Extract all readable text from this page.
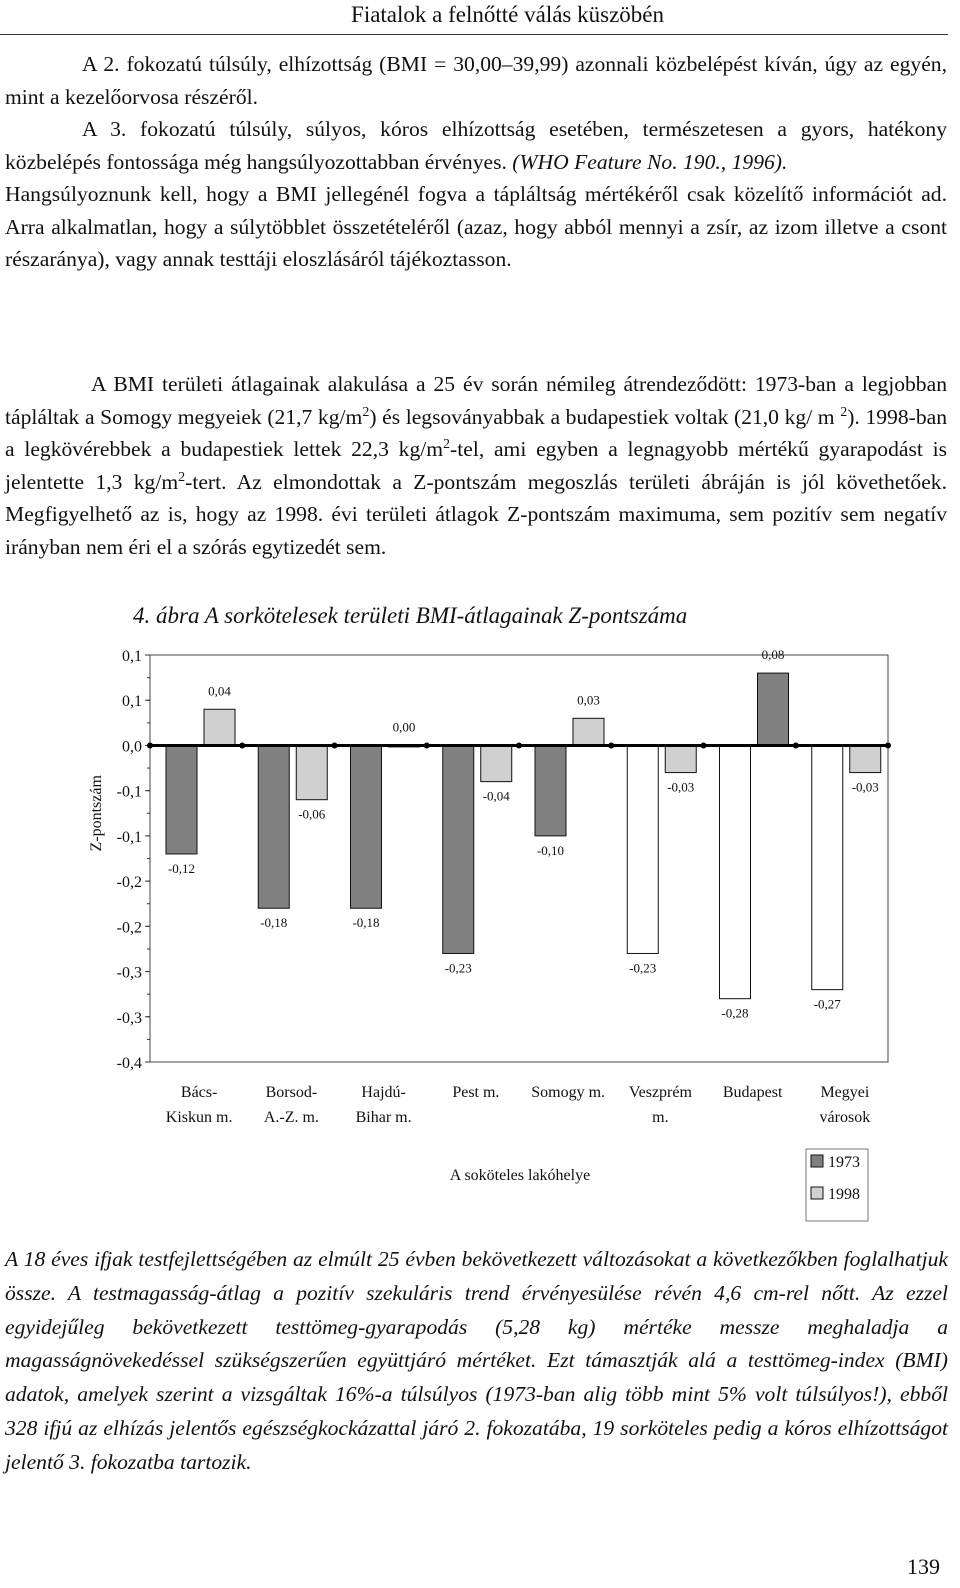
Fiatalok a felnőtté válás küszöbén

A 2. fokozatú túlsúly, elhízottság (BMI = 30,00–39,99) azonnali közbelépést kíván, úgy az egyén, mint a kezelőorvosa részéről.

A 3. fokozatú túlsúly, súlyos, kóros elhízottság esetében, természetesen a gyors, hatékony közbelépés fontossága még hangsúlyozottabban érvényes. (WHO Feature No. 190., 1996).

Hangsúlyoznunk kell, hogy a BMI jellegénél fogva a tápláltság mértékéről csak közelítő információt ad. Arra alkalmatlan, hogy a súlytöbblet összetételéről (azaz, hogy abból mennyi a zsír, az izom illetve a csont részaránya), vagy annak testtáji eloszlásáról tájékoztasson.

A BMI területi átlagainak alakulása a 25 év során némileg átrendeződött: 1973-ban a legjobban tápláltak a Somogy megyeiek (21,7 $kg/m^2$) és legsoványabbak a budapestiek voltak (21,0 kg/ m $^2$). 1998-ban a legkövérebbek a budapestiek lettek 22,3 $kg/m^2$-tel, ami egyben a legnagyobb mértékű gyarapodást is jelentette 1,3 $kg/m^2$-tert. Az elmondottak a Z-pontszám megoszlás területi ábráján is jól követhetőek. Megfigyelhető az is, hogy az 1998. évi területi átlagok Z-pontszám maximuma, sem pozitív sem negatív irányban nem éri el a szórás egytizedét sem.

4. ábra A sorkötelesek területi BMI-átlagainak Z-pontszáma
0,1
0,1
0,0
-0,1
-0,1
-0,2
-0,2
-0,3
-0,3
-0,4
Z-pontszám
-0,12
0,04
Bács-
Kiskun m.
-0,18
-0,06
Borsod-
A.-Z. m.
-0,18
0,00
Hajdú-
Bihar m.
-0,23
-0,04
Pest m.
-0,10
0,03
Somogy m.
-0,23
-0,03
Veszprém
m.
-0,28
0,08
Budapest
-0,27
-0,03
Megyei
városok
A soköteles lakóhelye
1973
1998

A 18 éves ifjak testfejlettségében az elmúlt 25 évben bekövetkezett változásokat a következőkben foglalhatjuk össze. A testmagasság-átlag a pozitív szekuláris trend érvényesülése révén 4,6 cm-rel nőtt. Az ezzel egyidejűleg bekövetkezett testtömeg-gyarapodás (5,28 kg) mértéke messze meghaladja a magasságnövekedéssel szükségszerűen együttjáró mértéket. Ezt támasztják alá a testtömeg-index (BMI) adatok, amelyek szerint a vizsgáltak 16%-a túlsúlyos (1973-ban alig több mint 5% volt túlsúlyos!), ebből 328 ifjú az elhízás jelentős egészségkockázattal járó 2. fokozatába, 19 sorköteles pedig a kóros elhízottságot jelentő 3. fokozatba tartozik.

139
